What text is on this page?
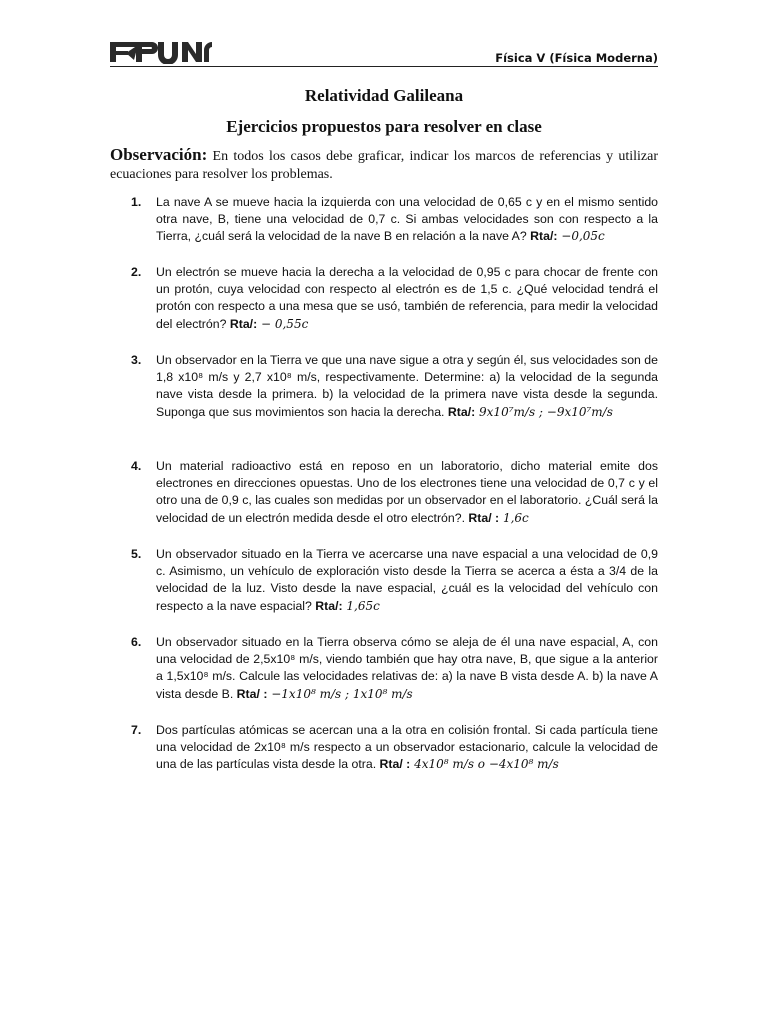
Física V (Física Moderna)
Relatividad Galileana
Ejercicios propuestos para resolver en clase
Observación: En todos los casos debe graficar, indicar los marcos de referencias y utilizar ecuaciones para resolver los problemas.
1. La nave A se mueve hacia la izquierda con una velocidad de 0,65 c y en el mismo sentido otra nave, B, tiene una velocidad de 0,7 c. Si ambas velocidades son con respecto a la Tierra, ¿cuál será la velocidad de la nave B en relación a la nave A? Rta/: −0,05c
2. Un electrón se mueve hacia la derecha a la velocidad de 0,95 c para chocar de frente con un protón, cuya velocidad con respecto al electrón es de 1,5 c. ¿Qué velocidad tendrá el protón con respecto a una mesa que se usó, también de referencia, para medir la velocidad del electrón? Rta/: − 0,55c
3. Un observador en la Tierra ve que una nave sigue a otra y según él, sus velocidades son de 1,8 x10⁸ m/s y 2,7 x10⁸ m/s, respectivamente. Determine: a) la velocidad de la segunda nave vista desde la primera. b) la velocidad de la primera nave vista desde la segunda. Suponga que sus movimientos son hacia la derecha. Rta/: 9x10⁷m/s ; −9x10⁷m/s
4. Un material radioactivo está en reposo en un laboratorio, dicho material emite dos electrones en direcciones opuestas. Uno de los electrones tiene una velocidad de 0,7 c y el otro una de 0,9 c, las cuales son medidas por un observador en el laboratorio. ¿Cuál será la velocidad de un electrón medida desde el otro electrón?. Rta/ : 1,6c
5. Un observador situado en la Tierra ve acercarse una nave espacial a una velocidad de 0,9 c. Asimismo, un vehículo de exploración visto desde la Tierra se acerca a ésta a 3/4 de la velocidad de la luz. Visto desde la nave espacial, ¿cuál es la velocidad del vehículo con respecto a la nave espacial? Rta/: 1,65c
6. Un observador situado en la Tierra observa cómo se aleja de él una nave espacial, A, con una velocidad de 2,5x10⁸ m/s, viendo también que hay otra nave, B, que sigue a la anterior a 1,5x10⁸ m/s. Calcule las velocidades relativas de: a) la nave B vista desde A. b) la nave A vista desde B. Rta/ : −1x10⁸ m/s ; 1x10⁸ m/s
7. Dos partículas atómicas se acercan una a la otra en colisión frontal. Si cada partícula tiene una velocidad de 2x10⁸ m/s respecto a un observador estacionario, calcule la velocidad de una de las partículas vista desde la otra. Rta/ : 4x10⁸ m/s o −4x10⁸ m/s
